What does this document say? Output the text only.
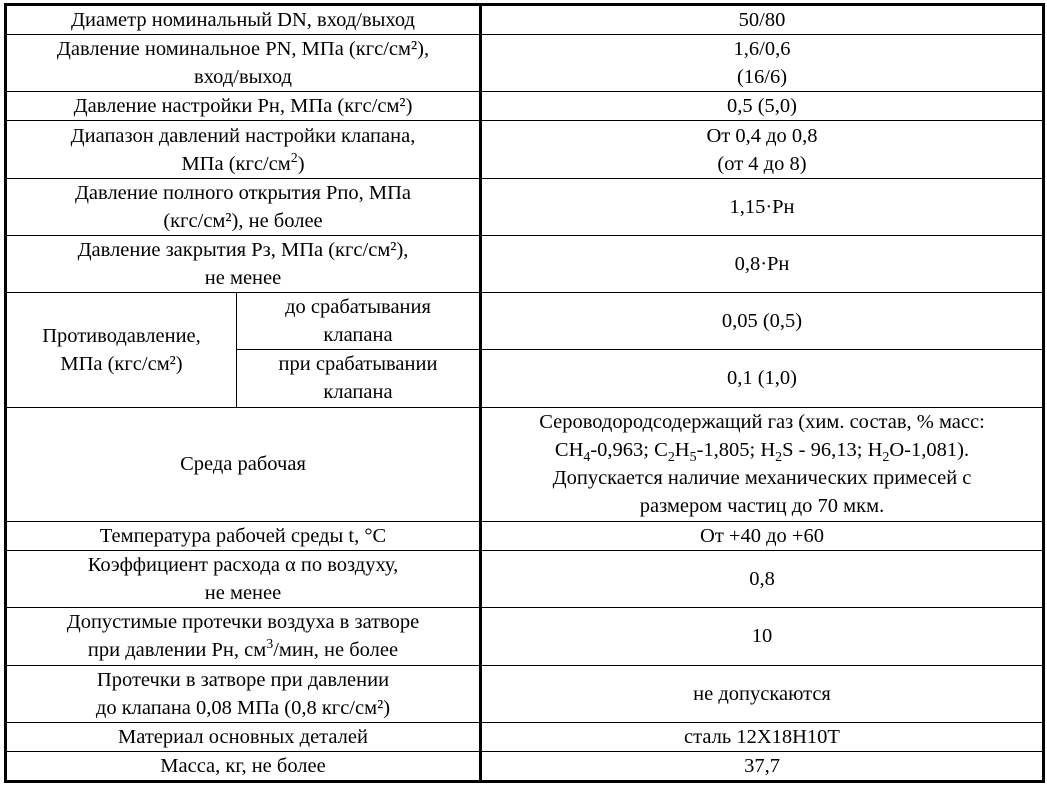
Диаметр номинальный DN, вход/выход		50/80

Давление номинальное PN, МПа (кгс/см²),
вход/выход		1,6/0,6
(16/6)

Давление настройки Рн, МПа (кгс/см²)		0,5 (5,0)

Диапазон давлений настройки клапана,
МПа $(кгс/см^2)$		От 0,4 до 0,8
(от 4 до 8)

Давление полного открытия Рпо, МПа
(кгс/см²), не более		1,15·Рн

Давление закрытия Рз, МПа (кгс/см²),
не менее		0,8·Рн

Противодавление,
МПа (кгс/см²)	до срабатывания
клапана	0,05 (0,5)

	при срабатывании
клапана	0,1 (1,0)

Среда рабочая		Сероводородсодержащий газ (хим. состав, % масс:
$CH_4-0,963$; $C_2H_5-1,805$; $H_2S - 96,13$; $H_2O-1,081$).
Допускается наличие механических примесей с
размером частиц до 70 мкм.

Температура рабочей среды t, °С		От +40 до +60

Коэффициент расхода α по воздуху,
не менее		0,8

Допустимые протечки воздуха в затворе
при давлении Рн, $см^3$/мин, не более		10

Протечки в затворе при давлении
до клапана 0,08 МПа (0,8 кгс/см²)		не допускаются

Материал основных деталей		сталь 12Х18Н10Т

Масса, кг, не более		37,7
